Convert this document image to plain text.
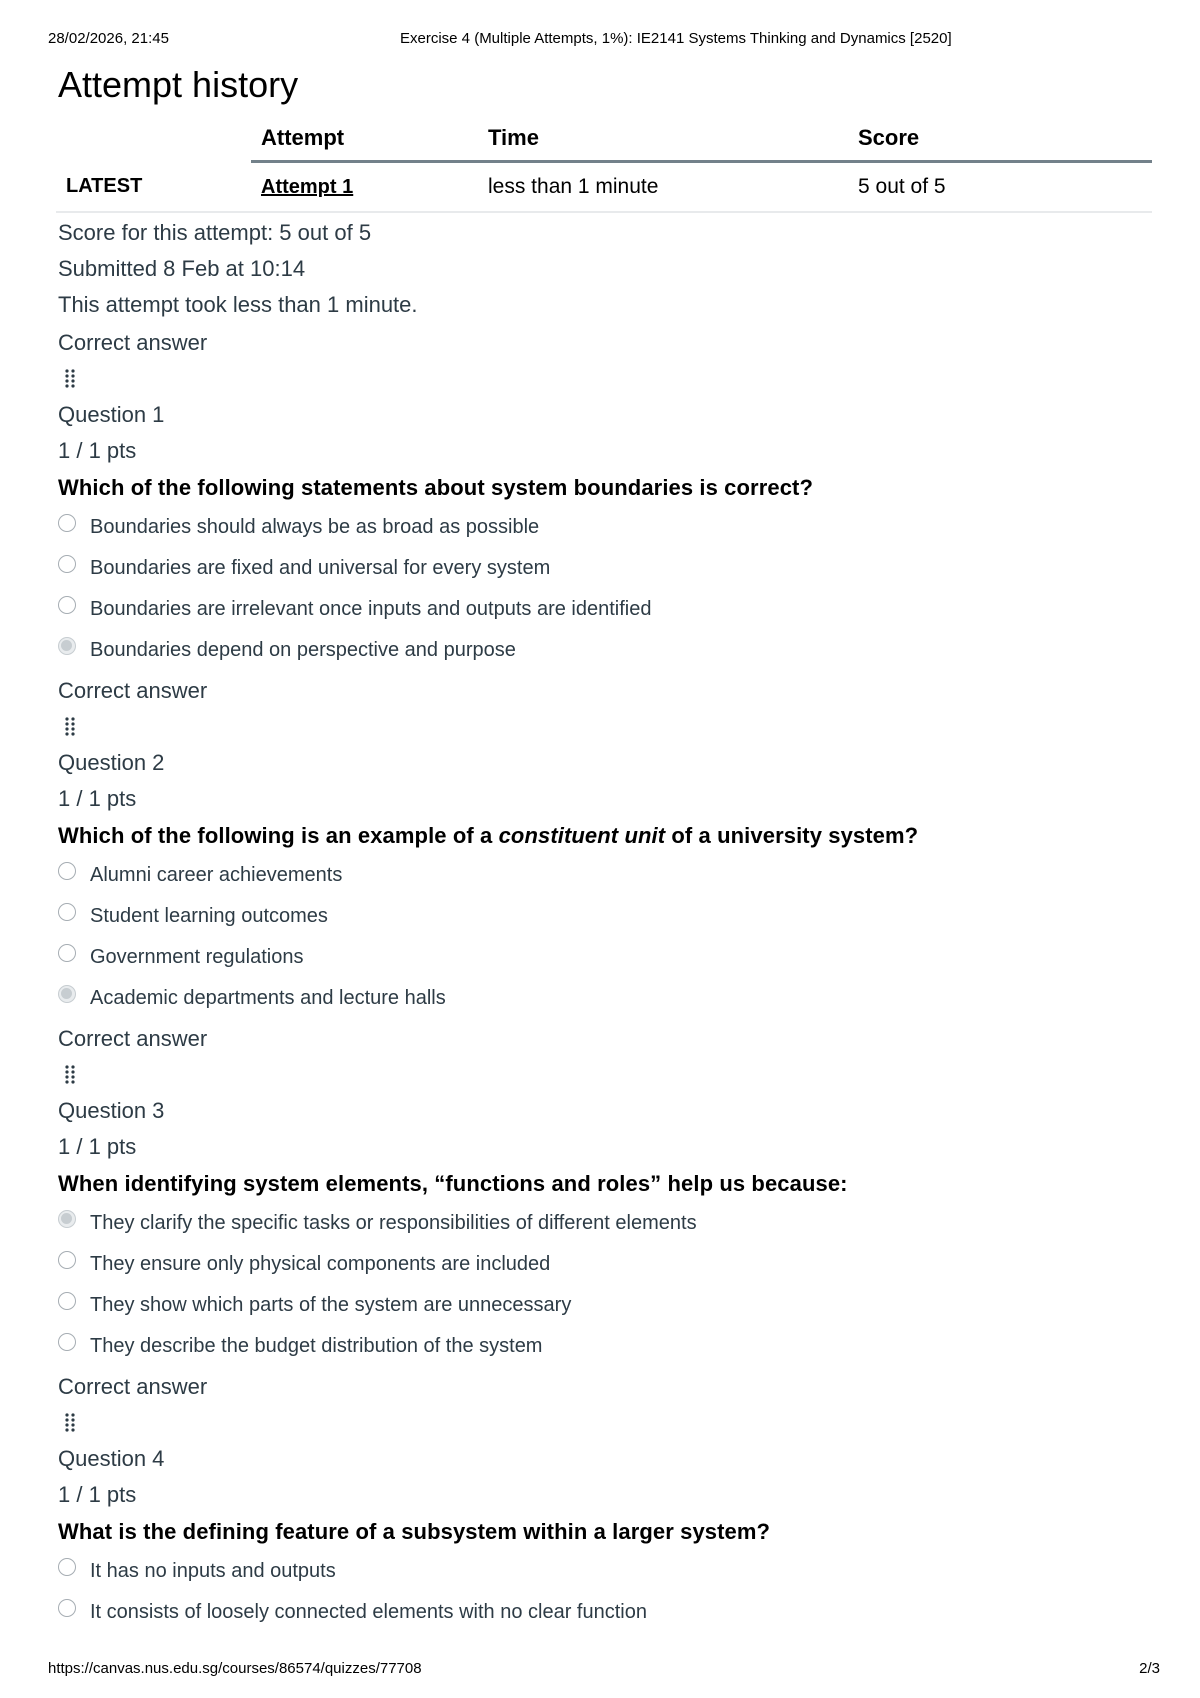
28/02/2026, 21:45	Exercise 4 (Multiple Attempts, 1%): IE2141 Systems Thinking and Dynamics [2520]
Attempt history
	Attempt	Time	Score
LATEST	Attempt 1	less than 1 minute	5 out of 5
Score for this attempt: 5 out of 5
Submitted 8 Feb at 10:14
This attempt took less than 1 minute.
Correct answer
Question 1
1 / 1 pts
Which of the following statements about system boundaries is correct?
Boundaries should always be as broad as possible
Boundaries are fixed and universal for every system
Boundaries are irrelevant once inputs and outputs are identified
Boundaries depend on perspective and purpose
Correct answer
Question 2
1 / 1 pts
Which of the following is an example of a constituent unit of a university system?
Alumni career achievements
Student learning outcomes
Government regulations
Academic departments and lecture halls
Correct answer
Question 3
1 / 1 pts
When identifying system elements, “functions and roles” help us because:
They clarify the specific tasks or responsibilities of different elements
They ensure only physical components are included
They show which parts of the system are unnecessary
They describe the budget distribution of the system
Correct answer
Question 4
1 / 1 pts
What is the defining feature of a subsystem within a larger system?
It has no inputs and outputs
It consists of loosely connected elements with no clear function
https://canvas.nus.edu.sg/courses/86574/quizzes/77708	2/3
